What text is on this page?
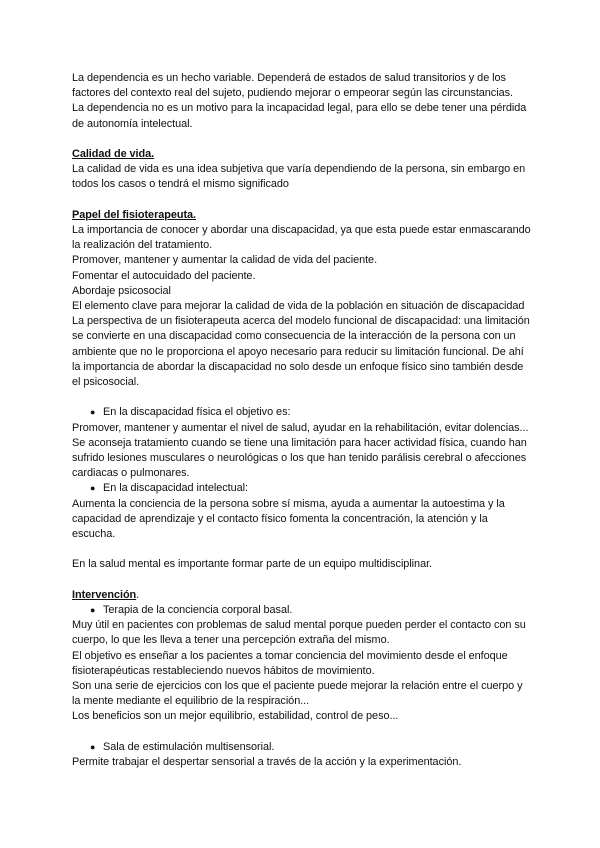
La dependencia es un hecho variable. Dependerá de estados de salud transitorios y de los factores del contexto real del sujeto, pudiendo mejorar o empeorar según las circunstancias.

La dependencia no es un motivo para la incapacidad legal, para ello se debe tener una pérdida de autonomía intelectual.

Calidad de vida.

La calidad de vida es una idea subjetiva que varía dependiendo de la persona, sin embargo en todos los casos o tendrá el mismo significado

Papel del fisioterapeuta.

La importancia de conocer y abordar una discapacidad, ya que esta puede estar enmascarando la realización del tratamiento.

Promover, mantener y aumentar la calidad de vida del paciente.

Fomentar el autocuidado del paciente.

Abordaje psicosocial

El elemento clave para mejorar la calidad de vida de la población en situación de discapacidad

La perspectiva de un fisioterapeuta acerca del modelo funcional de discapacidad: una limitación se convierte en una discapacidad como consecuencia de la interacción de la persona con un ambiente que no le proporciona el apoyo necesario para reducir su limitación funcional. De ahí la importancia de abordar la discapacidad no solo desde un enfoque físico sino también desde el psicosocial.

● En la discapacidad física el objetivo es:

Promover, mantener y aumentar el nivel de salud, ayudar en la rehabilitación, evitar dolencias...

Se aconseja tratamiento cuando se tiene una limitación para hacer actividad física, cuando han sufrido lesiones musculares o neurológicas o los que han tenido parálisis cerebral o afecciones cardiacas o pulmonares.

● En la discapacidad intelectual:

Aumenta la conciencia de la persona sobre sí misma, ayuda a aumentar la autoestima y la capacidad de aprendizaje y el contacto físico fomenta la concentración, la atención y la escucha.

En la salud mental es importante formar parte de un equipo multidisciplinar.

Intervención.

● Terapia de la conciencia corporal basal.

Muy útil en pacientes con problemas de salud mental porque pueden perder el contacto con su cuerpo, lo que les lleva a tener una percepción extraña del mismo.

El objetivo es enseñar a los pacientes a tomar conciencia del movimiento desde el enfoque fisioterapéuticas restableciendo nuevos hábitos de movimiento.

Son una serie de ejercicios con los que el paciente puede mejorar la relación entre el cuerpo y la mente mediante el equilibrio de la respiración...

Los beneficios son un mejor equilibrio, estabilidad, control de peso...

● Sala de estimulación multisensorial.

Permite trabajar el despertar sensorial a través de la acción y la experimentación.
